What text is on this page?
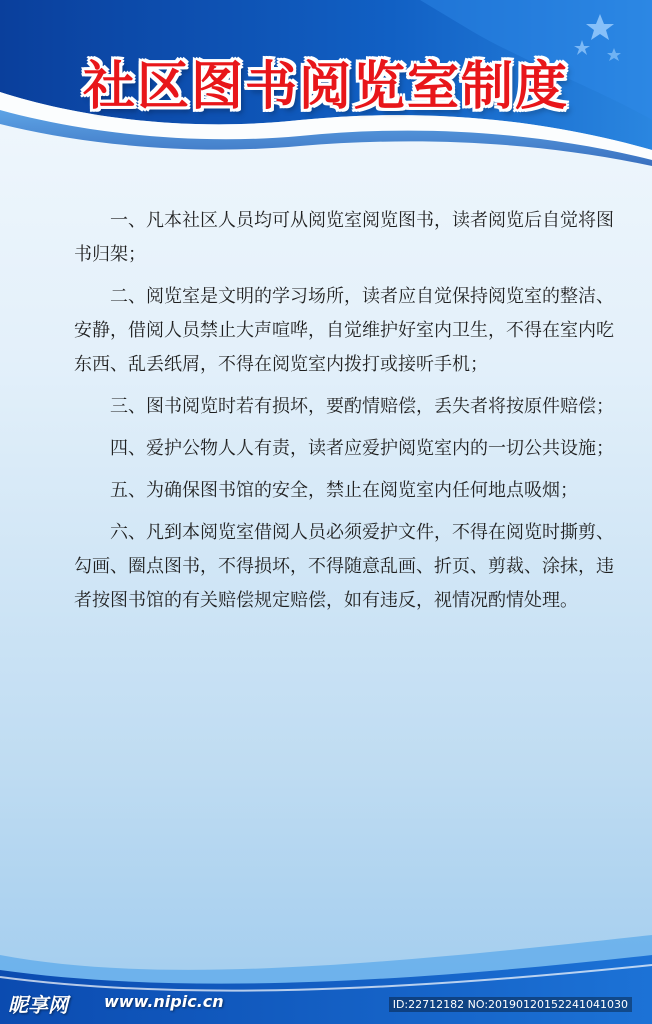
社区图书阅览室制度

一、凡本社区人员均可从阅览室阅览图书，读者阅览后自觉将图书归架；

二、阅览室是文明的学习场所，读者应自觉保持阅览室的整洁、安静，借阅人员禁止大声喧哗，自觉维护好室内卫生，不得在室内吃东西、乱丢纸屑，不得在阅览室内拨打或接听手机；

三、图书阅览时若有损坏，要酌情赔偿，丢失者将按原件赔偿；

四、爱护公物人人有责，读者应爱护阅览室内的一切公共设施；

五、为确保图书馆的安全，禁止在阅览室内任何地点吸烟；

六、凡到本阅览室借阅人员必须爱护文件，不得在阅览时撕剪、勾画、圈点图书，不得损坏，不得随意乱画、折页、剪裁、涂抹，违者按图书馆的有关赔偿规定赔偿，如有违反，视情况酌情处理。

昵享网 www.nipic.cn	ID:22712182 NO:20190120152241041030
